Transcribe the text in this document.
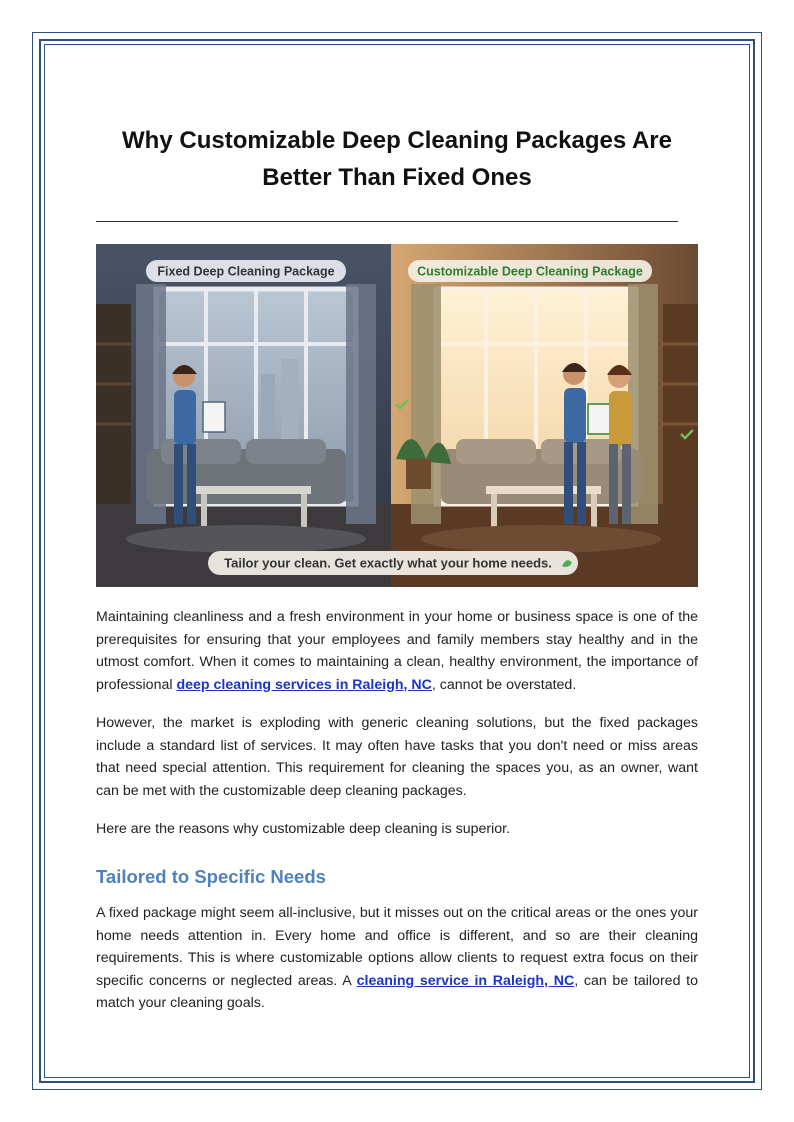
Why Customizable Deep Cleaning Packages Are Better Than Fixed Ones
Fixed Deep Cleaning Package	Customizable Deep Cleaning Package
Tailor your clean. Get exactly what your home needs.

Maintaining cleanliness and a fresh environment in your home or business space is one of the prerequisites for ensuring that your employees and family members stay healthy and in the utmost comfort. When it comes to maintaining a clean, healthy environment, the importance of professional deep cleaning services in Raleigh, NC, cannot be overstated.

However, the market is exploding with generic cleaning solutions, but the fixed packages include a standard list of services. It may often have tasks that you don't need or miss areas that need special attention. This requirement for cleaning the spaces you, as an owner, want can be met with the customizable deep cleaning packages.

Here are the reasons why customizable deep cleaning is superior.

Tailored to Specific Needs

A fixed package might seem all-inclusive, but it misses out on the critical areas or the ones your home needs attention in. Every home and office is different, and so are their cleaning requirements. This is where customizable options allow clients to request extra focus on their specific concerns or neglected areas. A cleaning service in Raleigh, NC, can be tailored to match your cleaning goals.
